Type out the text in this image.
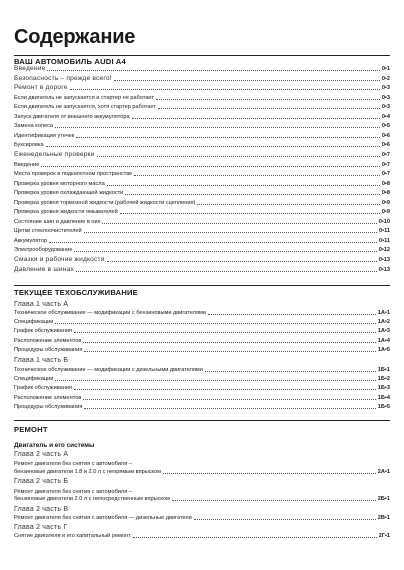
Содержание
ВАШ АВТОМОБИЛЬ AUDI A4
Введение	0•1
Безопасность – прежде всего!	0•2
Ремонт в дороге	0•3
Если двигатель не запускается и стартер не работает	0•3
Если двигатель не запускается, хотя стартер работает	0•3
Запуск двигателя от внешнего аккумулятора	0•4
Замена колеса	0•5
Идентификация утечек	0•6
Буксировка	0•6
Еженедельные проверки	0•7
Введение	0•7
Места проверок в подкапотном пространстве	0•7
Проверка уровня моторного масла	0•8
Проверка уровня охлаждающей жидкости	0•8
Проверка уровня тормозной жидкости (рабочей жидкости сцепления)	0•9
Проверка уровня жидкости омывателей	0•9
Состояние шин и давление в них	0•10
Щетки стеклоочистителей	0•11
Аккумулятор	0•11
Электрооборудование	0•12
Смазки и рабочие жидкости	0•13
Давление в шинах	0•13
ТЕКУЩЕЕ ТЕХОБСЛУЖИВАНИЕ
Глава 1 часть А
Техническое обслуживание — модификации с бензиновыми двигателями	1А•1
Спецификации	1А•2
График обслуживания	1А•3
Расположение элементов	1А•4
Процедуры обслуживания	1А•5
Глава 1 часть Б
Техническое обслуживание — модификации с дизельными двигателями	1Б•1
Спецификации	1Б•2
График обслуживания	1Б•3
Расположение элементов	1Б•4
Процедуры обслуживания	1Б•5
РЕМОНТ
Двигатель и его системы
Глава 2 часть А
Ремонт двигателя без снятия с автомобиля –
бензиновые двигатели 1.8 и 2.0 л с непрямым впрыском	2А•1
Глава 2 часть Б
Ремонт двигателя без снятия с автомобиля –
бензиновые двигатели 2.0 л с непосредственным впрыском	2Б•1
Глава 2 часть В
Ремонт двигателя без снятия с автомобиля — дизельные двигатели	2В•1
Глава 2 часть Г
Снятие двигателя и его капитальный ремонт	2Г•1
